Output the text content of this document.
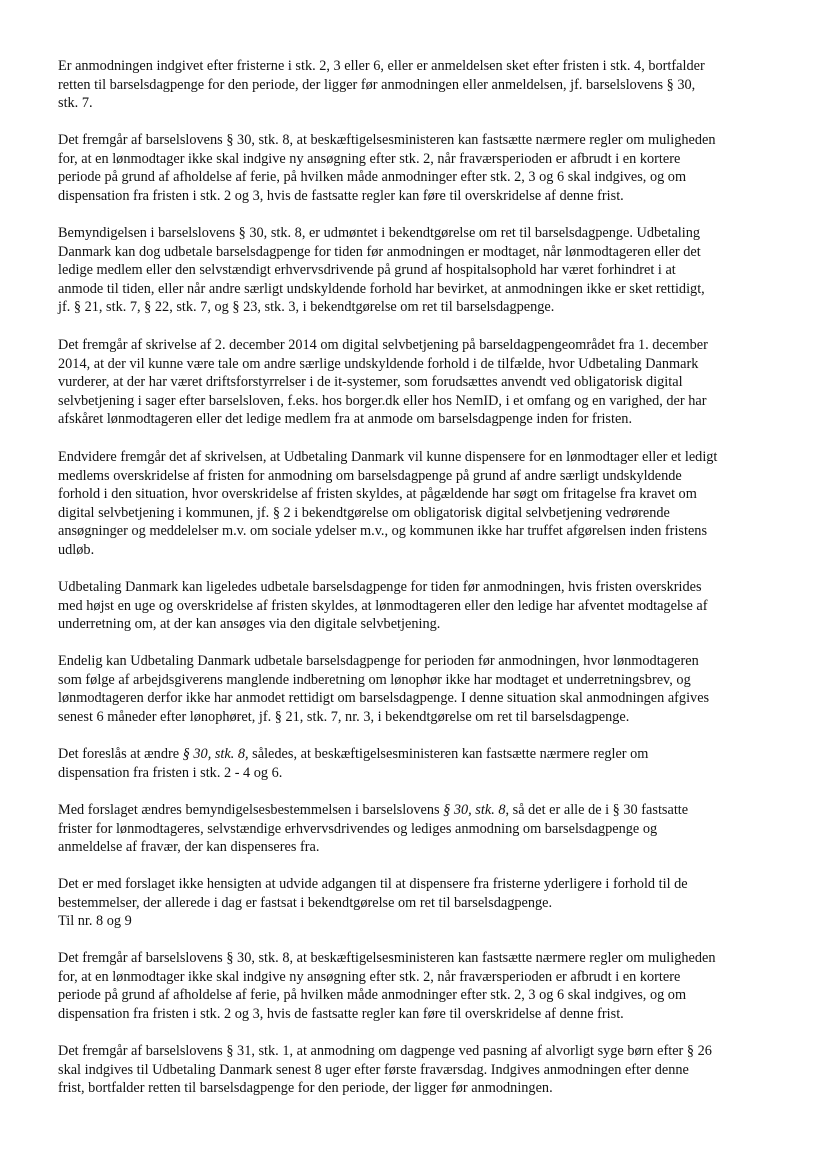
Er anmodningen indgivet efter fristerne i stk. 2, 3 eller 6, eller er anmeldelsen sket efter fristen i stk. 4, bortfalder
retten til barselsdagpenge for den periode, der ligger før anmodningen eller anmeldelsen, jf. barselslovens § 30,
stk. 7.

Det fremgår af barselslovens § 30, stk. 8, at beskæftigelsesministeren kan fastsætte nærmere regler om muligheden
for, at en lønmodtager ikke skal indgive ny ansøgning efter stk. 2, når fraværsperioden er afbrudt i en kortere
periode på grund af afholdelse af ferie, på hvilken måde anmodninger efter stk. 2, 3 og 6 skal indgives, og om
dispensation fra fristen i stk. 2 og 3, hvis de fastsatte regler kan føre til overskridelse af denne frist.

Bemyndigelsen i barselslovens § 30, stk. 8, er udmøntet i bekendtgørelse om ret til barselsdagpenge. Udbetaling
Danmark kan dog udbetale barselsdagpenge for tiden før anmodningen er modtaget, når lønmodtageren eller det
ledige medlem eller den selvstændigt erhvervsdrivende på grund af hospitalsophold har været forhindret i at
anmode til tiden, eller når andre særligt undskyldende forhold har bevirket, at anmodningen ikke er sket rettidigt,
jf. § 21, stk. 7, § 22, stk. 7, og § 23, stk. 3, i bekendtgørelse om ret til barselsdagpenge.

Det fremgår af skrivelse af 2. december 2014 om digital selvbetjening på barseldagpengeområdet fra 1. december
2014, at der vil kunne være tale om andre særlige undskyldende forhold i de tilfælde, hvor Udbetaling Danmark
vurderer, at der har været driftsforstyrrelser i de it-systemer, som forudsættes anvendt ved obligatorisk digital
selvbetjening i sager efter barselsloven, f.eks. hos borger.dk eller hos NemID, i et omfang og en varighed, der har
afskåret lønmodtageren eller det ledige medlem fra at anmode om barselsdagpenge inden for fristen.

Endvidere fremgår det af skrivelsen, at Udbetaling Danmark vil kunne dispensere for en lønmodtager eller et ledigt
medlems overskridelse af fristen for anmodning om barselsdagpenge på grund af andre særligt undskyldende
forhold i den situation, hvor overskridelse af fristen skyldes, at pågældende har søgt om fritagelse fra kravet om
digital selvbetjening i kommunen, jf. § 2 i bekendtgørelse om obligatorisk digital selvbetjening vedrørende
ansøgninger og meddelelser m.v. om sociale ydelser m.v., og kommunen ikke har truffet afgørelsen inden fristens
udløb.

Udbetaling Danmark kan ligeledes udbetale barselsdagpenge for tiden før anmodningen, hvis fristen overskrides
med højst en uge og overskridelse af fristen skyldes, at lønmodtageren eller den ledige har afventet modtagelse af
underretning om, at der kan ansøges via den digitale selvbetjening.

Endelig kan Udbetaling Danmark udbetale barselsdagpenge for perioden før anmodningen, hvor lønmodtageren
som følge af arbejdsgiverens manglende indberetning om lønophør ikke har modtaget et underretningsbrev, og
lønmodtageren derfor ikke har anmodet rettidigt om barselsdagpenge. I denne situation skal anmodningen afgives
senest 6 måneder efter lønophøret, jf. § 21, stk. 7, nr. 3, i bekendtgørelse om ret til barselsdagpenge.

Det foreslås at ændre § 30, stk. 8, således, at beskæftigelsesministeren kan fastsætte nærmere regler om
dispensation fra fristen i stk. 2 - 4 og 6.

Med forslaget ændres bemyndigelsesbestemmelsen i barselslovens § 30, stk. 8, så det er alle de i § 30 fastsatte
frister for lønmodtageres, selvstændige erhvervsdrivendes og lediges anmodning om barselsdagpenge og
anmeldelse af fravær, der kan dispenseres fra.

Det er med forslaget ikke hensigten at udvide adgangen til at dispensere fra fristerne yderligere i forhold til de
bestemmelser, der allerede i dag er fastsat i bekendtgørelse om ret til barselsdagpenge.

Til nr. 8 og 9

Det fremgår af barselslovens § 30, stk. 8, at beskæftigelsesministeren kan fastsætte nærmere regler om muligheden
for, at en lønmodtager ikke skal indgive ny ansøgning efter stk. 2, når fraværsperioden er afbrudt i en kortere
periode på grund af afholdelse af ferie, på hvilken måde anmodninger efter stk. 2, 3 og 6 skal indgives, og om
dispensation fra fristen i stk. 2 og 3, hvis de fastsatte regler kan føre til overskridelse af denne frist.

Det fremgår af barselslovens § 31, stk. 1, at anmodning om dagpenge ved pasning af alvorligt syge børn efter § 26
skal indgives til Udbetaling Danmark senest 8 uger efter første fraværsdag. Indgives anmodningen efter denne
frist, bortfalder retten til barselsdagpenge for den periode, der ligger før anmodningen.
